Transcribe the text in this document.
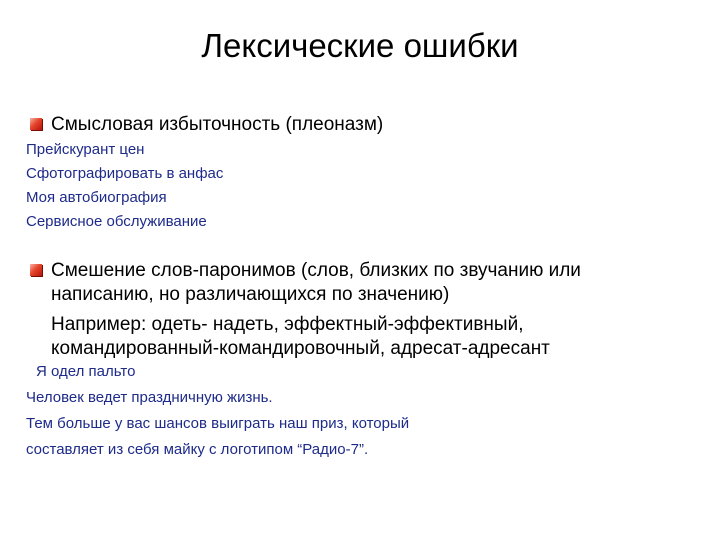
Лексические ошибки
Смысловая избыточность (плеоназм)
Прейскурант цен
Сфотографировать в анфас
Моя автобиография
Сервисное обслуживание
Смешение слов-паронимов (слов, близких по звучанию или написанию, но различающихся по значению)
Например: одеть- надеть, эффектный-эффективный, командированный-командировочный, адресат-адресант
Я одел пальто
Человек ведет праздничную жизнь.
Тем больше у вас шансов выиграть наш приз, который
составляет из себя майку с логотипом “Радио-7”.
